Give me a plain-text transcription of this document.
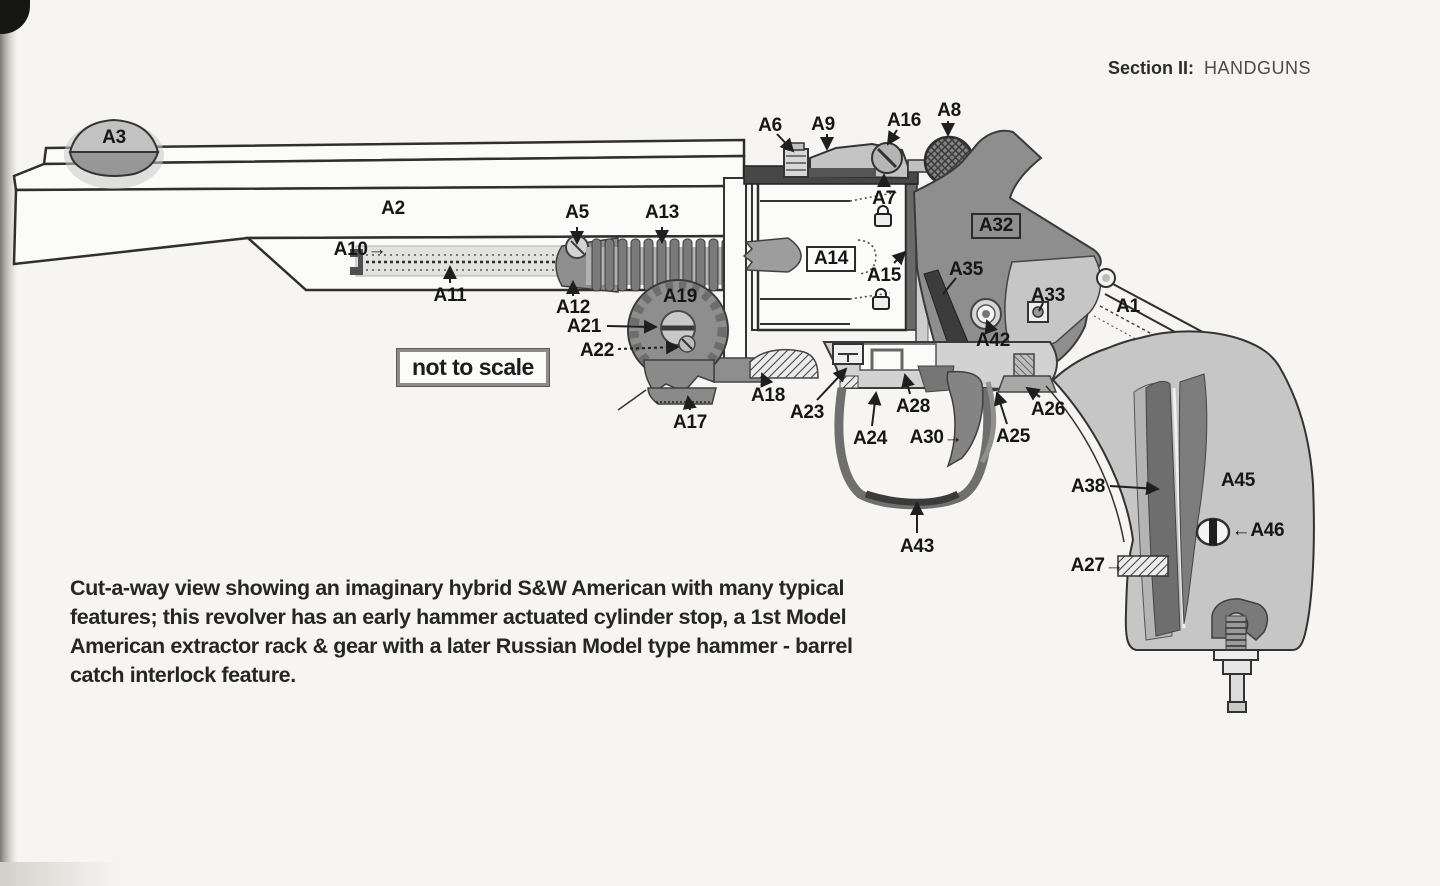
Section II: HANDGUNS
A3
A2	A5	A13
A6 A9	A16 A8
A7
A10→
A11
A12
A14
A15	A35
A32
A33
A1
A19
A21
A22
A17
A18
A23
A24
A28
A30→ A25
A26
A42
A43
A38	A45
←A46
A27→
not to scale
Cut-a-way view showing an imaginary hybrid S&W American with many typical
features; this revolver has an early hammer actuated cylinder stop, a 1st Model
American extractor rack & gear with a later Russian Model type hammer - barrel
catch interlock feature.
